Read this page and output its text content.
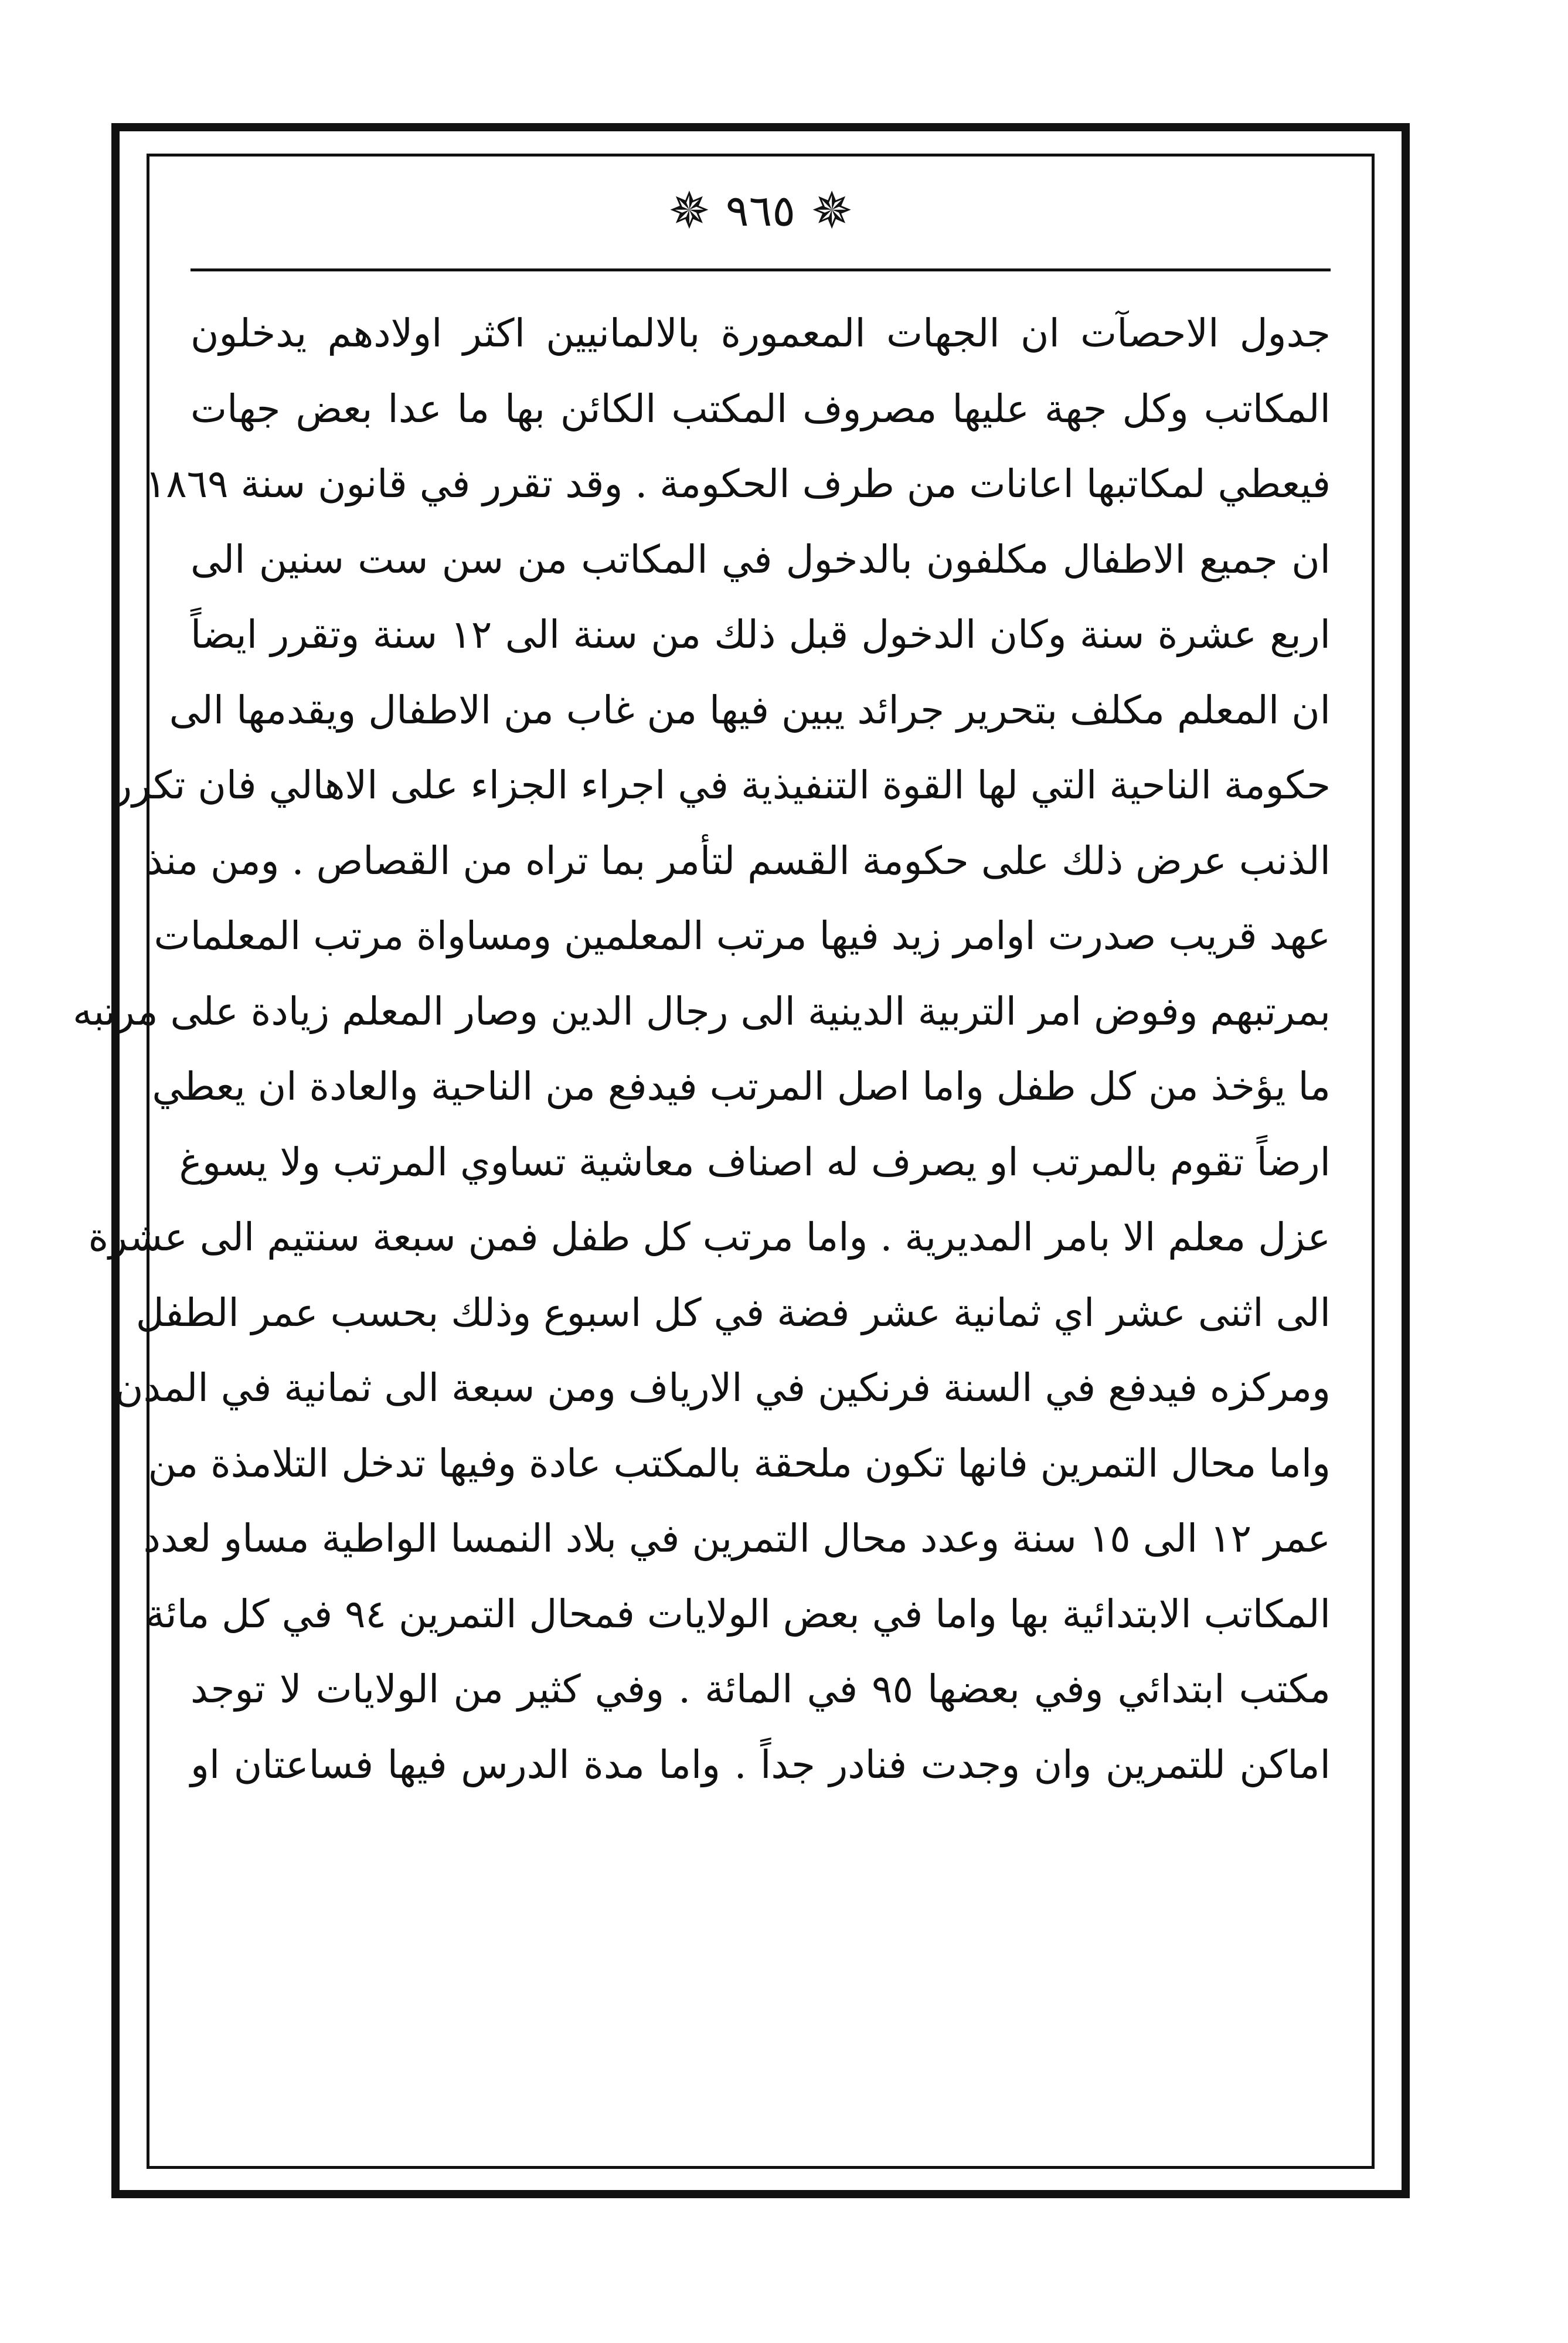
✵ ٩٦٥ ✵
جدول الاحصآت ان الجهات المعمورة بالالمانيين اكثر اولادهم يدخلون
المكاتب وكل جهة عليها مصروف المكتب الكائن بها ما عدا بعض جهات
فيعطي لمكاتبها اعانات من طرف الحكومة . وقد تقرر في قانون سنة ١٨٦٩
ان جميع الاطفال مكلفون بالدخول في المكاتب من سن ست سنين الى
اربع عشرة سنة وكان الدخول قبل ذلك من سنة الى ١٢ سنة وتقرر ايضاً
ان المعلم مكلف بتحرير جرائد يبين فيها من غاب من الاطفال ويقدمها الى
حكومة الناحية التي لها القوة التنفيذية في اجراء الجزاء على الاهالي فان تكرر
الذنب عرض ذلك على حكومة القسم لتأمر بما تراه من القصاص . ومن منذ
عهد قريب صدرت اوامر زيد فيها مرتب المعلمين ومساواة مرتب المعلمات
بمرتبهم وفوض امر التربية الدينية الى رجال الدين وصار المعلم زيادة على مرتبه
ما يؤخذ من كل طفل واما اصل المرتب فيدفع من الناحية والعادة ان يعطي
ارضاً تقوم بالمرتب او يصرف له اصناف معاشية تساوي المرتب ولا يسوغ
عزل معلم الا بامر المديرية . واما مرتب كل طفل فمن سبعة سنتيم الى عشرة
الى اثنى عشر اي ثمانية عشر فضة في كل اسبوع وذلك بحسب عمر الطفل
ومركزه فيدفع في السنة فرنكين في الارياف ومن سبعة الى ثمانية في المدن
واما محال التمرين فانها تكون ملحقة بالمكتب عادة وفيها تدخل التلامذة من
عمر ١٢ الى ١٥ سنة وعدد محال التمرين في بلاد النمسا الواطية مساو لعدد
المكاتب الابتدائية بها واما في بعض الولايات فمحال التمرين ٩٤ في كل مائة
مكتب ابتدائي وفي بعضها ٩٥ في المائة . وفي كثير من الولايات لا توجد
اماكن للتمرين وان وجدت فنادر جداً . واما مدة الدرس فيها فساعتان او
